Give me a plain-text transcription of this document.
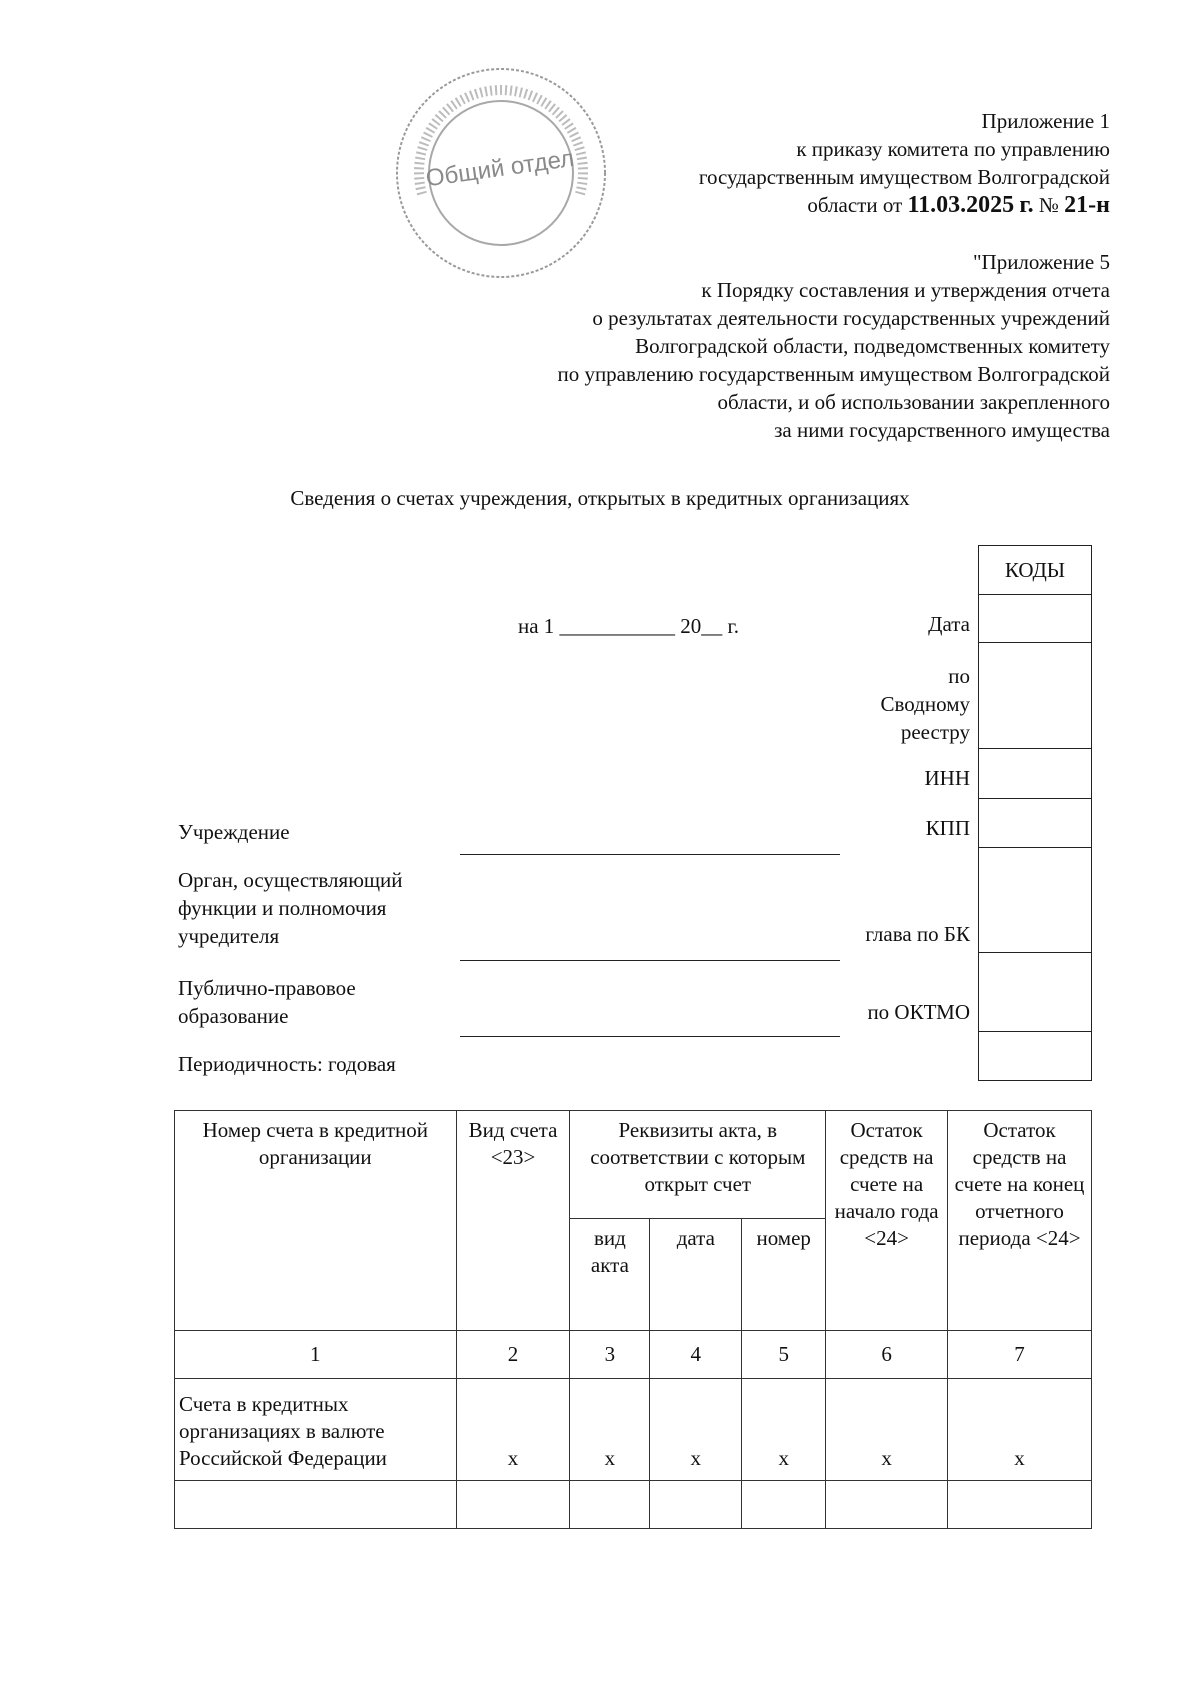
Общий отдел
Приложение 1
к приказу комитета по управлению
государственным имуществом Волгоградской
области от 11.03.2025 г. № 21-н
"Приложение 5
к Порядку составления и утверждения отчета
о результатах деятельности государственных учреждений
Волгоградской области, подведомственных комитету
по управлению государственным имуществом Волгоградской
области, и об использовании закрепленного
за ними государственного имущества
Сведения о счетах учреждения, открытых в кредитных организациях
на 1 ___________ 20__ г.
Учреждение
Орган, осуществляющий
функции и полномочия
учредителя
Публично-правовое
образование
Периодичность: годовая
Дата
по
Сводному
реестру
ИНН
КПП
глава по БК
по ОКТМО
КОДЫ

Номер счета в кредитной организации	Вид счета <23>	Реквизиты акта, в соответствии с которым открыт счет			Остаток средств на счете на начало года <24>	Остаток средств на счете на конец отчетного периода <24>
		вид акта	дата	номер		
1	2	3	4	5	6	7
Счета в кредитных организациях в валюте Российской Федерации	x	x	x	x	x	x
